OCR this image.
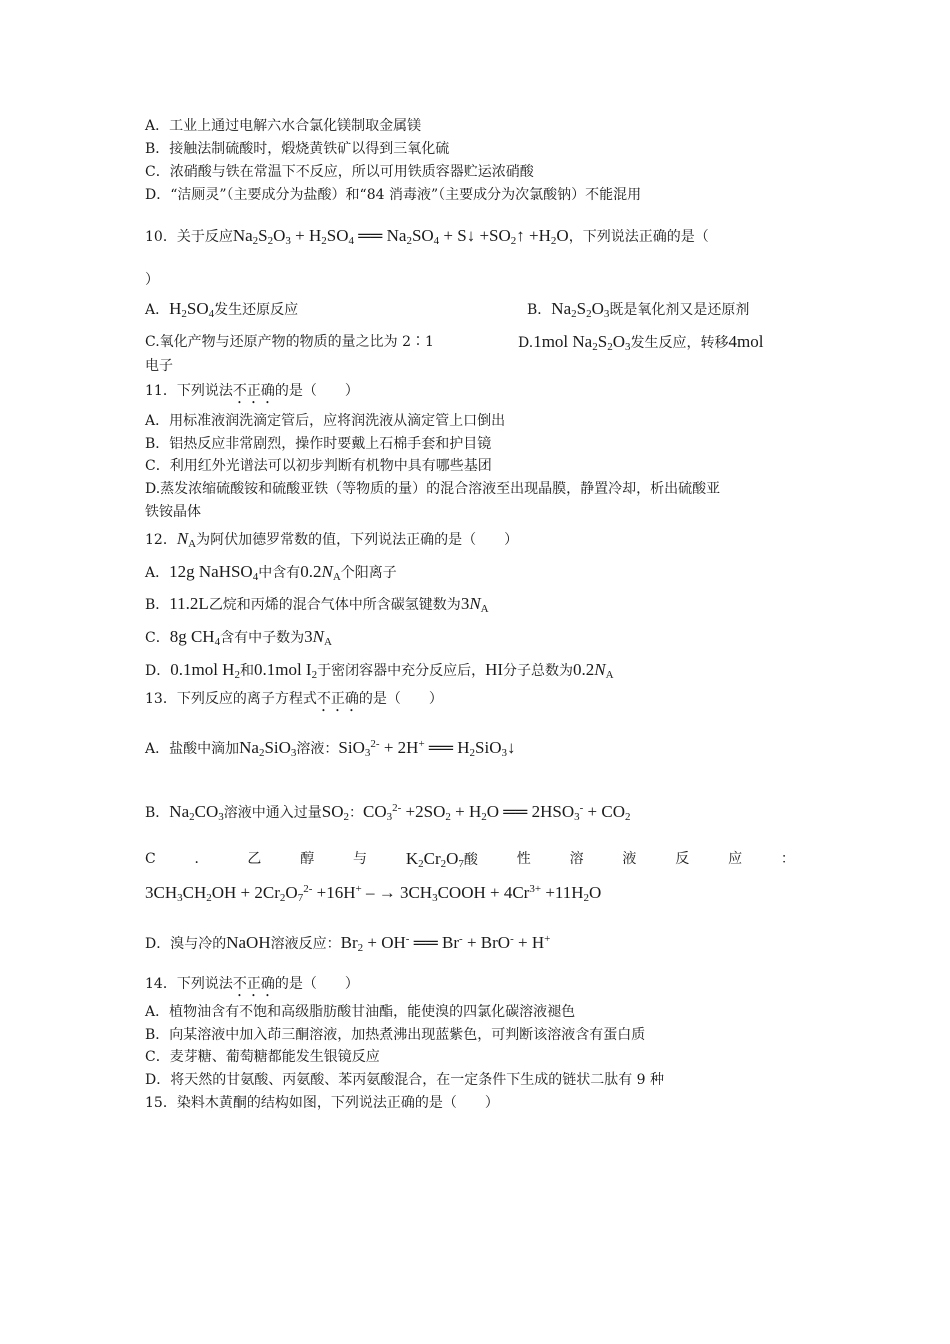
A．工业上通过电解六水合氯化镁制取金属镁
B．接触法制硫酸时，煅烧黄铁矿以得到三氧化硫
C．浓硝酸与铁在常温下不反应，所以可用铁质容器贮运浓硝酸
D．“洁厕灵”（主要成分为盐酸）和“84 消毒液”（主要成分为次氯酸钠）不能混用
10．关于反应$Na_2S_2O_3 + H_2SO_4$ ══ $Na_2SO_4$ + S↓ $+SO_2↑ +H_2O$，下列说法正确的是（
）
A．$H_2SO_4$发生还原反应	B．$Na_2S_2O_3$既是氧化剂又是还原剂
C.氧化产物与还原产物的物质的量之比为 2∶1	D.1mol $Na_2S_2O_3$发生反应，转移4mol
电子
11．下列说法不正确的是（　　）
A．用标准液润洗滴定管后，应将润洗液从滴定管上口倒出
B．铝热反应非常剧烈，操作时要戴上石棉手套和护目镜
C．利用红外光谱法可以初步判断有机物中具有哪些基团
D.蒸发浓缩硫酸铵和硫酸亚铁（等物质的量）的混合溶液至出现晶膜，静置冷却，析出硫酸亚
铁铵晶体
12．$N_A$为阿伏加德罗常数的值，下列说法正确的是（　　）
A．12g NaHSO$_4$中含有$0.2N_A$个阳离子
B．11.2L乙烷和丙烯的混合气体中所含碳氢键数为$3N_A$
C．8g $CH_4$含有中子数为$3N_A$
D．0.1mol $H_2$和0.1mol $I_2$于密闭容器中充分反应后，HI分子总数为$0.2N_A$
13．下列反应的离子方程式不正确的是（　　）
A．盐酸中滴加$Na_2SiO_3$溶液：SiO$_3^{2-}$ + 2H+ ══ $H_2SiO_3↓$
B．$Na_2CO_3$溶液中通入过量$SO_2$：$CO_3^{2-} +2SO_2 + H_2O$ ══ $2HSO_3^- + CO_2$
C	．	乙	醇	与 $K_2Cr_2O_7$酸	性	溶	液	反	应	：
$3CH_3CH_2OH + 2Cr_2O_7^{2-} +16H^+$ – → $3CH_3COOH + 4Cr^{3+} +11H_2O$
D．溴与冷的NaOH溶液反应：$Br_2 + OH^-$ ══ Br- + BrO- + H+
14．下列说法不正确的是（　　）
A．植物油含有不饱和高级脂肪酸甘油酯，能使溴的四氯化碳溶液褪色
B．向某溶液中加入茚三酮溶液，加热煮沸出现蓝紫色，可判断该溶液含有蛋白质
C．麦芽糖、葡萄糖都能发生银镜反应
D．将天然的甘氨酸、丙氨酸、苯丙氨酸混合，在一定条件下生成的链状二肽有 9 种
15．染料木黄酮的结构如图，下列说法正确的是（　　）
